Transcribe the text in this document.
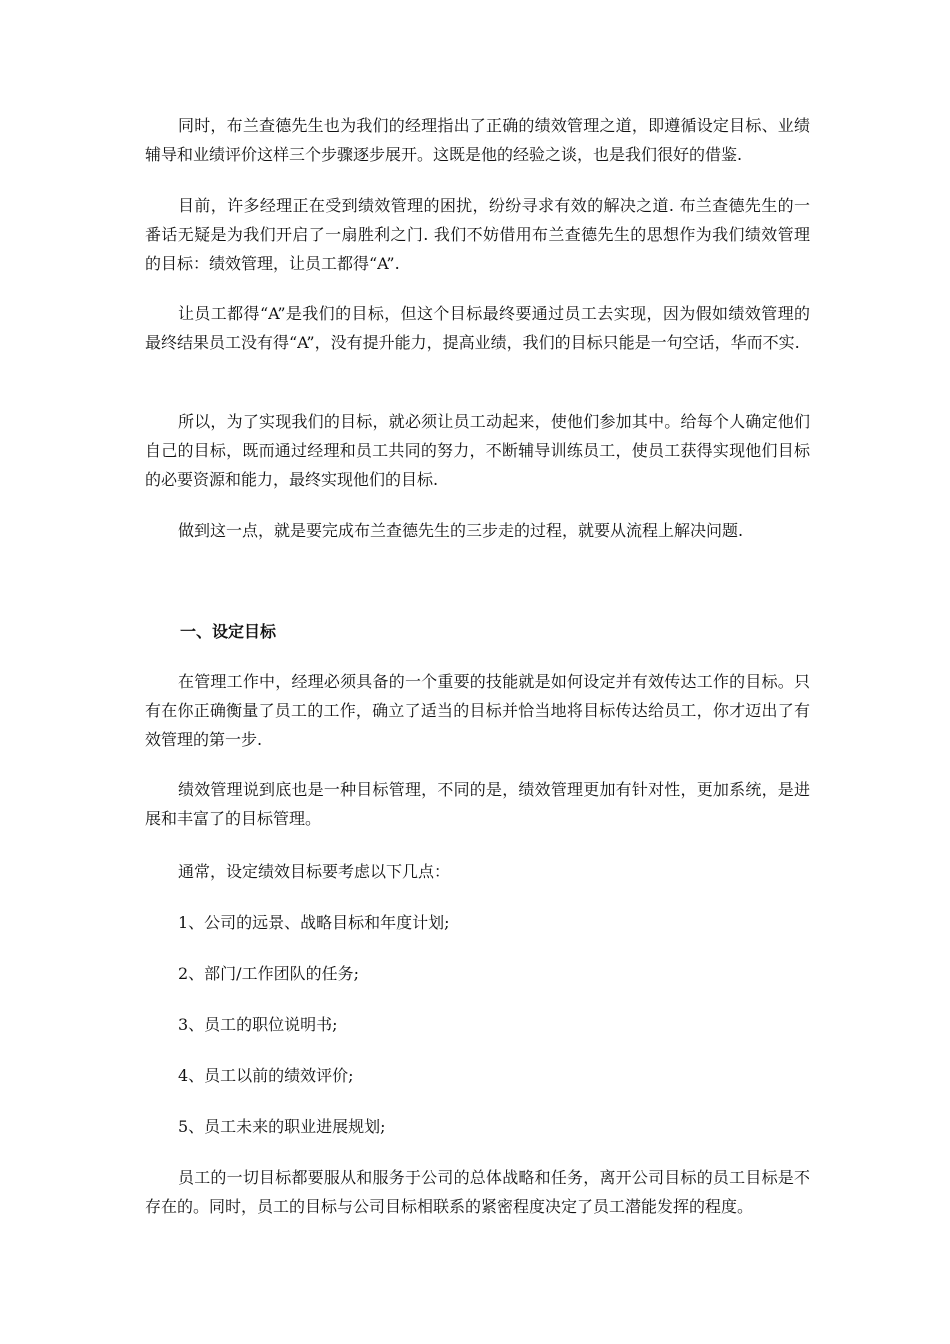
同时，布兰查德先生也为我们的经理指出了正确的绩效管理之道，即遵循设定目标、业绩辅导和业绩评价这样三个步骤逐步展开。这既是他的经验之谈，也是我们很好的借鉴.

目前，许多经理正在受到绩效管理的困扰，纷纷寻求有效的解决之道. 布兰查德先生的一番话无疑是为我们开启了一扇胜利之门. 我们不妨借用布兰查德先生的思想作为我们绩效管理的目标：绩效管理，让员工都得“A”.

让员工都得“A”是我们的目标，但这个目标最终要通过员工去实现，因为假如绩效管理的最终结果员工没有得“A”，没有提升能力，提高业绩，我们的目标只能是一句空话，华而不实.

所以，为了实现我们的目标，就必须让员工动起来，使他们参加其中。给每个人确定他们自己的目标，既而通过经理和员工共同的努力，不断辅导训练员工，使员工获得实现他们目标的必要资源和能力，最终实现他们的目标.

做到这一点，就是要完成布兰查德先生的三步走的过程，就要从流程上解决问题.

一、设定目标

在管理工作中，经理必须具备的一个重要的技能就是如何设定并有效传达工作的目标。只有在你正确衡量了员工的工作，确立了适当的目标并恰当地将目标传达给员工，你才迈出了有效管理的第一步.

绩效管理说到底也是一种目标管理，不同的是，绩效管理更加有针对性，更加系统，是进展和丰富了的目标管理。

通常，设定绩效目标要考虑以下几点：

1、公司的远景、战略目标和年度计划;

2、部门/工作团队的任务;

3、员工的职位说明书;

4、员工以前的绩效评价;

5、员工未来的职业进展规划;

员工的一切目标都要服从和服务于公司的总体战略和任务，离开公司目标的员工目标是不存在的。同时，员工的目标与公司目标相联系的紧密程度决定了员工潜能发挥的程度。
